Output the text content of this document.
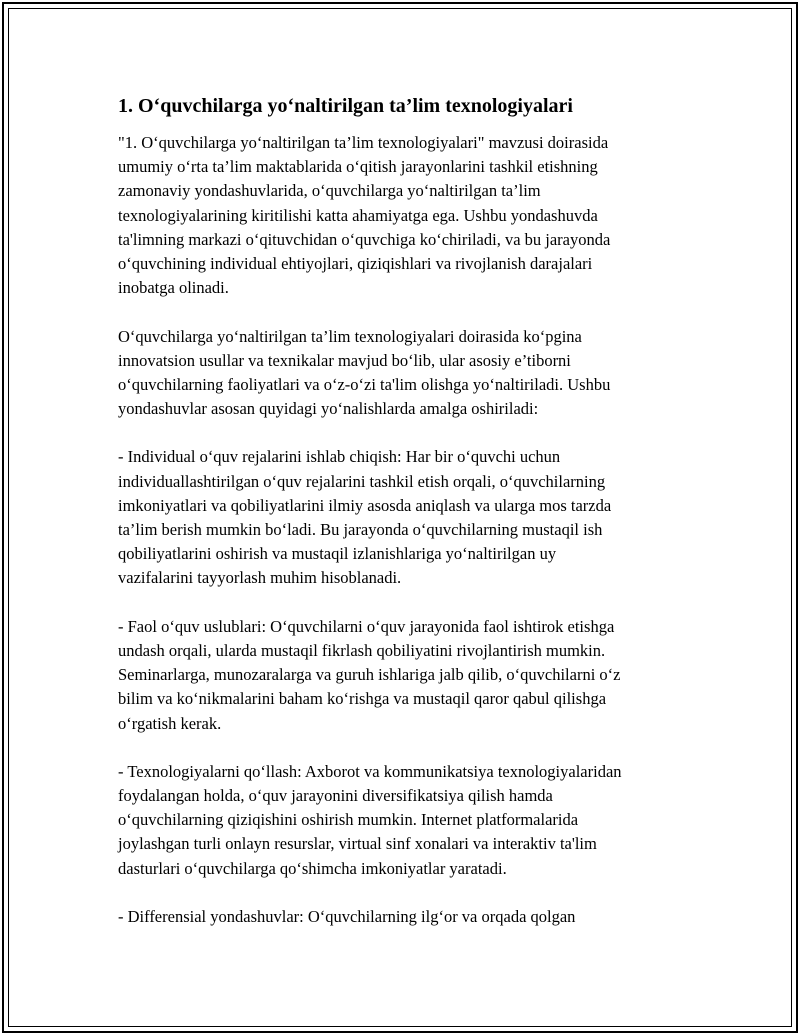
1. O‘quvchilarga yo‘naltirilgan ta’lim texnologiyalari
"1. O‘quvchilarga yo‘naltirilgan ta’lim texnologiyalari" mavzusi doirasida
umumiy o‘rta ta’lim maktablarida o‘qitish jarayonlarini tashkil etishning
zamonaviy yondashuvlarida, o‘quvchilarga yo‘naltirilgan ta’lim
texnologiyalarining kiritilishi katta ahamiyatga ega. Ushbu yondashuvda
ta'limning markazi o‘qituvchidan o‘quvchiga ko‘chiriladi, va bu jarayonda
o‘quvchining individual ehtiyojlari, qiziqishlari va rivojlanish darajalari
inobatga olinadi.
O‘quvchilarga yo‘naltirilgan ta’lim texnologiyalari doirasida ko‘pgina
innovatsion usullar va texnikalar mavjud bo‘lib, ular asosiy e’tiborni
o‘quvchilarning faoliyatlari va o‘z-o‘zi ta'lim olishga yo‘naltiriladi. Ushbu
yondashuvlar asosan quyidagi yo‘nalishlarda amalga oshiriladi:
- Individual o‘quv rejalarini ishlab chiqish: Har bir o‘quvchi uchun
individuallashtirilgan o‘quv rejalarini tashkil etish orqali, o‘quvchilarning
imkoniyatlari va qobiliyatlarini ilmiy asosda aniqlash va ularga mos tarzda
ta’lim berish mumkin bo‘ladi. Bu jarayonda o‘quvchilarning mustaqil ish
qobiliyatlarini oshirish va mustaqil izlanishlariga yo‘naltirilgan uy
vazifalarini tayyorlash muhim hisoblanadi.
- Faol o‘quv uslublari: O‘quvchilarni o‘quv jarayonida faol ishtirok etishga
undash orqali, ularda mustaqil fikrlash qobiliyatini rivojlantirish mumkin.
Seminarlarga, munozaralarga va guruh ishlariga jalb qilib, o‘quvchilarni o‘z
bilim va ko‘nikmalarini baham ko‘rishga va mustaqil qaror qabul qilishga
o‘rgatish kerak.
- Texnologiyalarni qo‘llash: Axborot va kommunikatsiya texnologiyalaridan
foydalangan holda, o‘quv jarayonini diversifikatsiya qilish hamda
o‘quvchilarning qiziqishini oshirish mumkin. Internet platformalarida
joylashgan turli onlayn resurslar, virtual sinf xonalari va interaktiv ta'lim
dasturlari o‘quvchilarga qo‘shimcha imkoniyatlar yaratadi.
- Differensial yondashuvlar: O‘quvchilarning ilg‘or va orqada qolgan
